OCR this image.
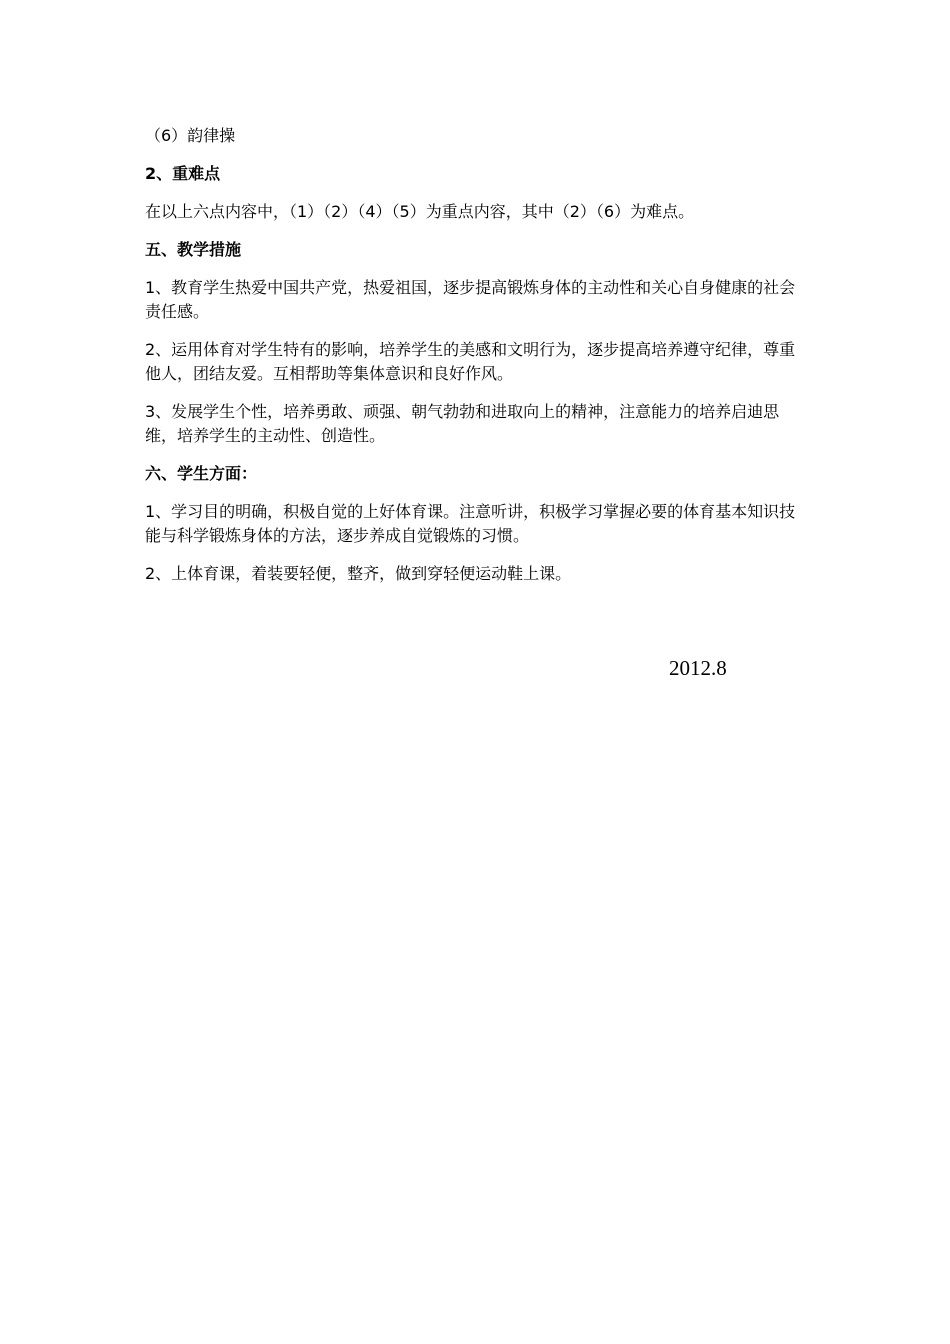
（6）韵律操

2、重难点

在以上六点内容中，（1）（2）（4）（5）为重点内容，其中（2）（6）为难点。

五、教学措施

1、教育学生热爱中国共产党，热爱祖国，逐步提高锻炼身体的主动性和关心自身健康的社会责任感。

2、运用体育对学生特有的影响，培养学生的美感和文明行为，逐步提高培养遵守纪律，尊重他人，团结友爱。互相帮助等集体意识和良好作风。

3、发展学生个性，培养勇敢、顽强、朝气勃勃和进取向上的精神，注意能力的培养启迪思维，培养学生的主动性、创造性。

六、学生方面：

1、学习目的明确，积极自觉的上好体育课。注意听讲，积极学习掌握必要的体育基本知识技能与科学锻炼身体的方法，逐步养成自觉锻炼的习惯。

2、上体育课，着装要轻便，整齐，做到穿轻便运动鞋上课。

2012.8
